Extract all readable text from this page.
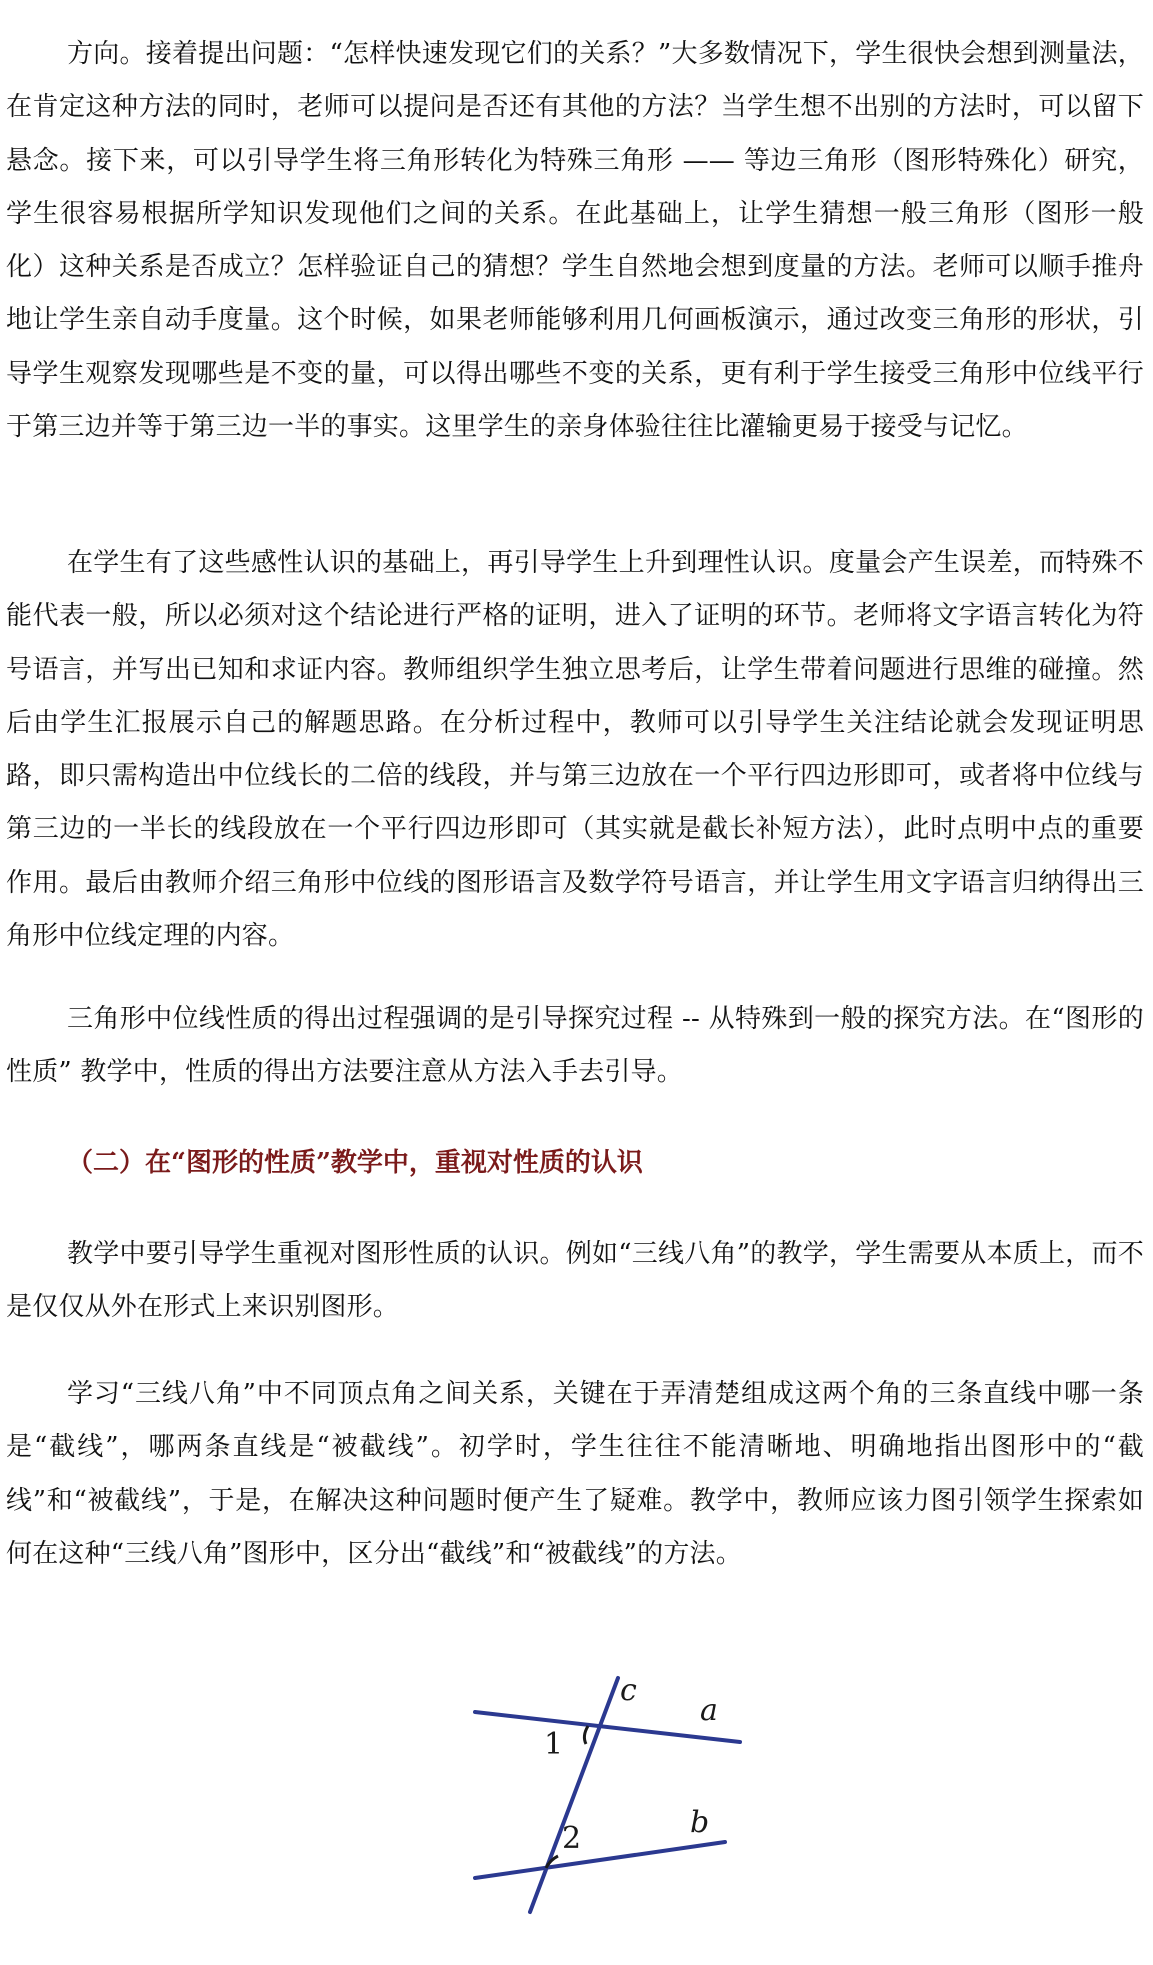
方向。接着提出问题：“怎样快速发现它们的关系？”大多数情况下，学生很快会想到测量法，在肯定这种方法的同时，老师可以提问是否还有其他的方法？当学生想不出别的方法时，可以留下悬念。接下来，可以引导学生将三角形转化为特殊三角形 —— 等边三角形（图形特殊化）研究，学生很容易根据所学知识发现他们之间的关系。在此基础上，让学生猜想一般三角形（图形一般化）这种关系是否成立？怎样验证自己的猜想？学生自然地会想到度量的方法。老师可以顺手推舟地让学生亲自动手度量。这个时候，如果老师能够利用几何画板演示，通过改变三角形的形状，引导学生观察发现哪些是不变的量，可以得出哪些不变的关系，更有利于学生接受三角形中位线平行于第三边并等于第三边一半的事实。这里学生的亲身体验往往比灌输更易于接受与记忆。

在学生有了这些感性认识的基础上，再引导学生上升到理性认识。度量会产生误差，而特殊不能代表一般，所以必须对这个结论进行严格的证明，进入了证明的环节。老师将文字语言转化为符号语言，并写出已知和求证内容。教师组织学生独立思考后，让学生带着问题进行思维的碰撞。然后由学生汇报展示自己的解题思路。在分析过程中，教师可以引导学生关注结论就会发现证明思路，即只需构造出中位线长的二倍的线段，并与第三边放在一个平行四边形即可，或者将中位线与第三边的一半长的线段放在一个平行四边形即可（其实就是截长补短方法），此时点明中点的重要作用。最后由教师介绍三角形中位线的图形语言及数学符号语言，并让学生用文字语言归纳得出三角形中位线定理的内容。

三角形中位线性质的得出过程强调的是引导探究过程 -- 从特殊到一般的探究方法。在“图形的性质” 教学中，性质的得出方法要注意从方法入手去引导。

（二）在“图形的性质”教学中，重视对性质的认识

教学中要引导学生重视对图形性质的认识。例如“三线八角”的教学，学生需要从本质上，而不是仅仅从外在形式上来识别图形。

学习“三线八角”中不同顶点角之间关系，关键在于弄清楚组成这两个角的三条直线中哪一条是“截线”，哪两条直线是“被截线”。初学时，学生往往不能清晰地、明确地指出图形中的“截线”和“被截线”，于是，在解决这种问题时便产生了疑难。教学中，教师应该力图引领学生探索如何在这种“三线八角”图形中，区分出“截线”和“被截线”的方法。

c
a
b
1
2
